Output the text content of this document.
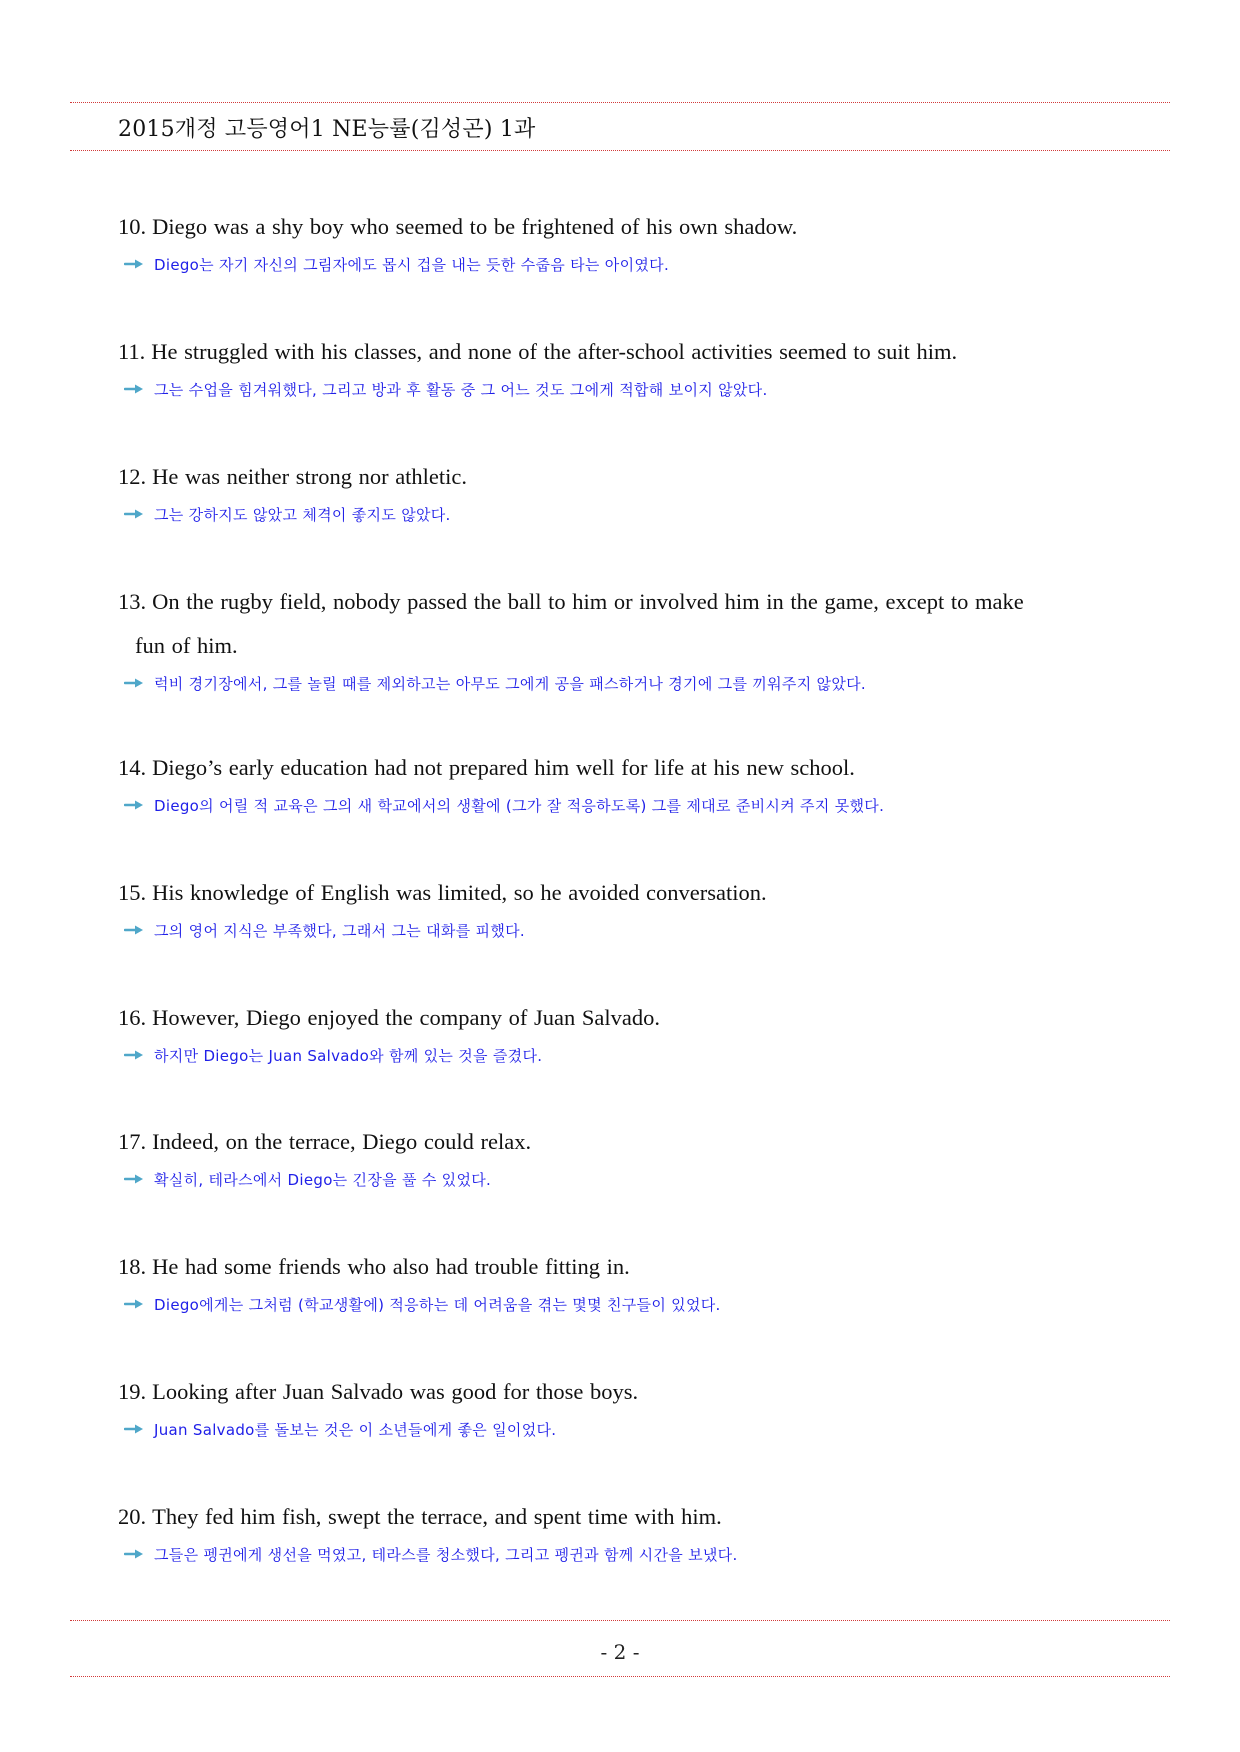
2015개정 고등영어1 NE능률(김성곤) 1과

10. Diego was a shy boy who seemed to be frightened of his own shadow.

Diego는 자기 자신의 그림자에도 몹시 겁을 내는 듯한 수줍음 타는 아이였다.

11. He struggled with his classes, and none of the after-school activities seemed to suit him.

그는 수업을 힘겨워했다, 그리고 방과 후 활동 중 그 어느 것도 그에게 적합해 보이지 않았다.

12. He was neither strong nor athletic.

그는 강하지도 않았고 체격이 좋지도 않았다.

13. On the rugby field, nobody passed the ball to him or involved him in the game, except to make
fun of him.

럭비 경기장에서, 그를 놀릴 때를 제외하고는 아무도 그에게 공을 패스하거나 경기에 그를 끼워주지 않았다.

14. Diego’s early education had not prepared him well for life at his new school.

Diego의 어릴 적 교육은 그의 새 학교에서의 생활에 (그가 잘 적응하도록) 그를 제대로 준비시켜 주지 못했다.

15. His knowledge of English was limited, so he avoided conversation.

그의 영어 지식은 부족했다, 그래서 그는 대화를 피했다.

16. However, Diego enjoyed the company of Juan Salvado.

하지만 Diego는 Juan Salvado와 함께 있는 것을 즐겼다.

17. Indeed, on the terrace, Diego could relax.

확실히, 테라스에서 Diego는 긴장을 풀 수 있었다.

18. He had some friends who also had trouble fitting in.

Diego에게는 그처럼 (학교생활에) 적응하는 데 어려움을 겪는 몇몇 친구들이 있었다.

19. Looking after Juan Salvado was good for those boys.

Juan Salvado를 돌보는 것은 이 소년들에게 좋은 일이었다.

20. They fed him fish, swept the terrace, and spent time with him.

그들은 펭귄에게 생선을 먹였고, 테라스를 청소했다, 그리고 펭귄과 함께 시간을 보냈다.
- 2 -
